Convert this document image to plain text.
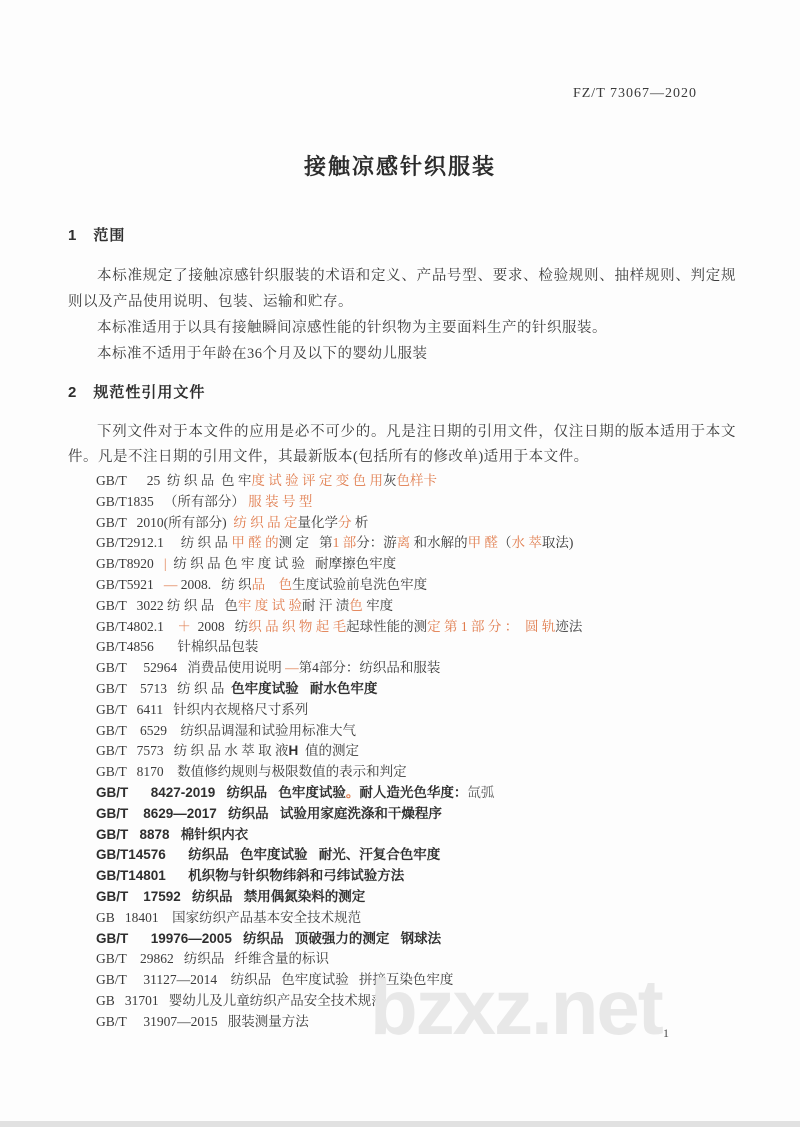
FZ/T 73067—2020
接触凉感针织服装
1　范围

本标准规定了接触凉感针织服装的术语和定义、产品号型、要求、检验规则、抽样规则、判定规则以及产品使用说明、包装、运输和贮存。

本标准适用于以具有接触瞬间凉感性能的针织物为主要面料生产的针织服装。

本标准不适用于年龄在36个月及以下的婴幼儿服装

2　规范性引用文件

下列文件对于本文件的应用是必不可少的。凡是注日期的引用文件，仅注日期的版本适用于本文件。凡是不注日期的引用文件，其最新版本(包括所有的修改单)适用于本文件。

GB/T      25  纺 织 品  色 牢度 试 验 评 定 变 色 用灰色样卡
GB/T1835   （所有部分） 服 装 号 型
GB/T   2010(所有部分)  纺 织 品 定量化学分 析
GB/T2912.1     纺 织 品 甲 醛 的测 定   第1 部分：游离 和水解的甲 醛（水 萃取法)
GB/T8920   |  纺 织 品 色 牢 度 试 验   耐摩擦色牢度
GB/T5921   — 2008.   纺 织品 色生度试验前皂洗色牢度
GB/T   3022 纺 织 品   色牢 度 试 验耐 汗 渍色 牢度
GB/T4802.1    ＋  2008   纺织 品 织 物 起 毛起球性能的测定 第 1 部 分 ：  圆 轨迹法
GB/T4856       针棉织品包装
GB/T     52964   消费品使用说明 —第4部分：纺织品和服装
GB/T    5713   纺 织 品  色牢度试验   耐水色牢度
GB/T   6411   针织内衣规格尺寸系列
GB/T    6529    纺织品调湿和试验用标准大气
GB/T   7573   纺 织 品 水 萃 取 液H  值的测定
GB/T   8170    数值修约规则与极限数值的表示和判定
GB/T      8427-2019   纺织品   色牢度试验。耐人造光色华度：氙弧
GB/T    8629—2017   纺织品   试验用家庭洗涤和干燥程序
GB/T   8878   棉针织内衣
GB/T14576      纺织品   色牢度试验   耐光、汗复合色牢度
GB/T14801      机织物与针织物纬斜和弓纬试验方法
GB/T    17592   纺织品   禁用偶氮染料的测定
GB   18401    国家纺织产品基本安全技术规范
GB/T      19976—2005   纺织品   顶破强力的测定   钢球法
GB/T    29862   纺织品   纤维含量的标识
GB/T     31127—2014    纺织品   色牢度试验   拼接互染色牢度
GB   31701   婴幼儿及儿童纺织产品安全技术规范
GB/T     31907—2015   服装测量方法 bzxz.net 1
